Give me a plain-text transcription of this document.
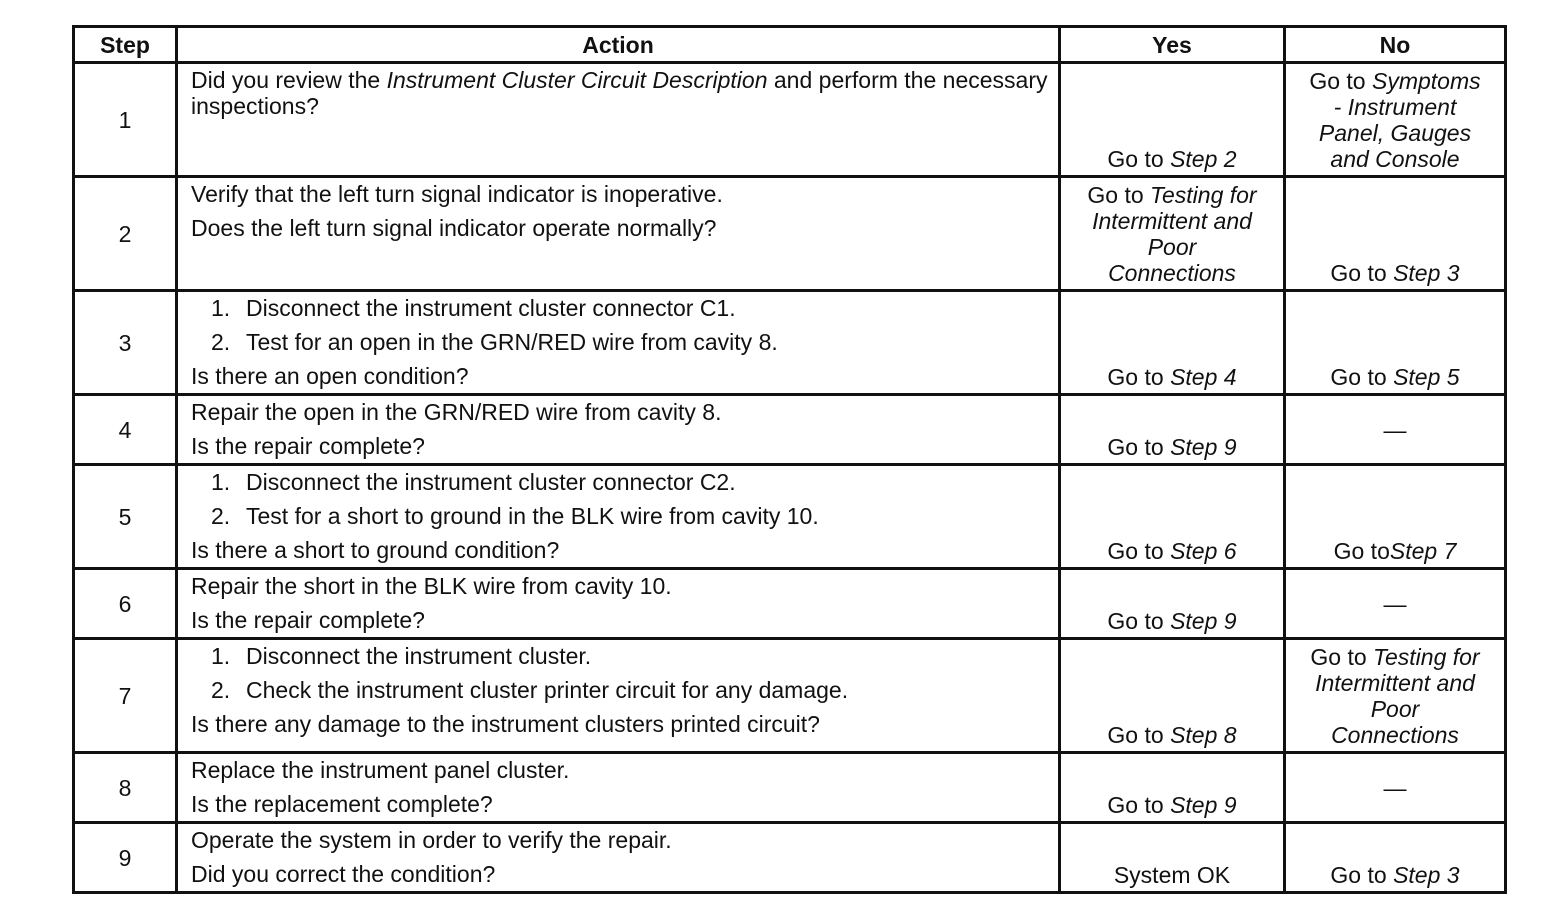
Step	Action	Yes	No
1	Did you review the Instrument Cluster Circuit Description and perform the necessary inspections?	Go to Step 2	Go to Symptoms - Instrument Panel, Gauges and Console

2	Verify that the left turn signal indicator is inoperative.
Does the left turn signal indicator operate normally?	Go to Testing for Intermittent and Poor Connections	Go to Step 3

3	1. Disconnect the instrument cluster connector C1.
2. Test for an open in the GRN/RED wire from cavity 8.
Is there an open condition?	Go to Step 4	Go to Step 5

4	Repair the open in the GRN/RED wire from cavity 8.
Is the repair complete?	Go to Step 9	—
5	1. Disconnect the instrument cluster connector C2.
2. Test for a short to ground in the BLK wire from cavity 10.
Is there a short to ground condition?	Go to Step 6	Go toStep 7

6	Repair the short in the BLK wire from cavity 10.
Is the repair complete?	Go to Step 9	—
7	1. Disconnect the instrument cluster.
2. Check the instrument cluster printer circuit for any damage.
Is there any damage to the instrument clusters printed circuit?	Go to Step 8	Go to Testing for Intermittent and Poor Connections

8	Replace the instrument panel cluster.
Is the replacement complete?	Go to Step 9	—
9	Operate the system in order to verify the repair.
Did you correct the condition?	System OK	Go to Step 3
